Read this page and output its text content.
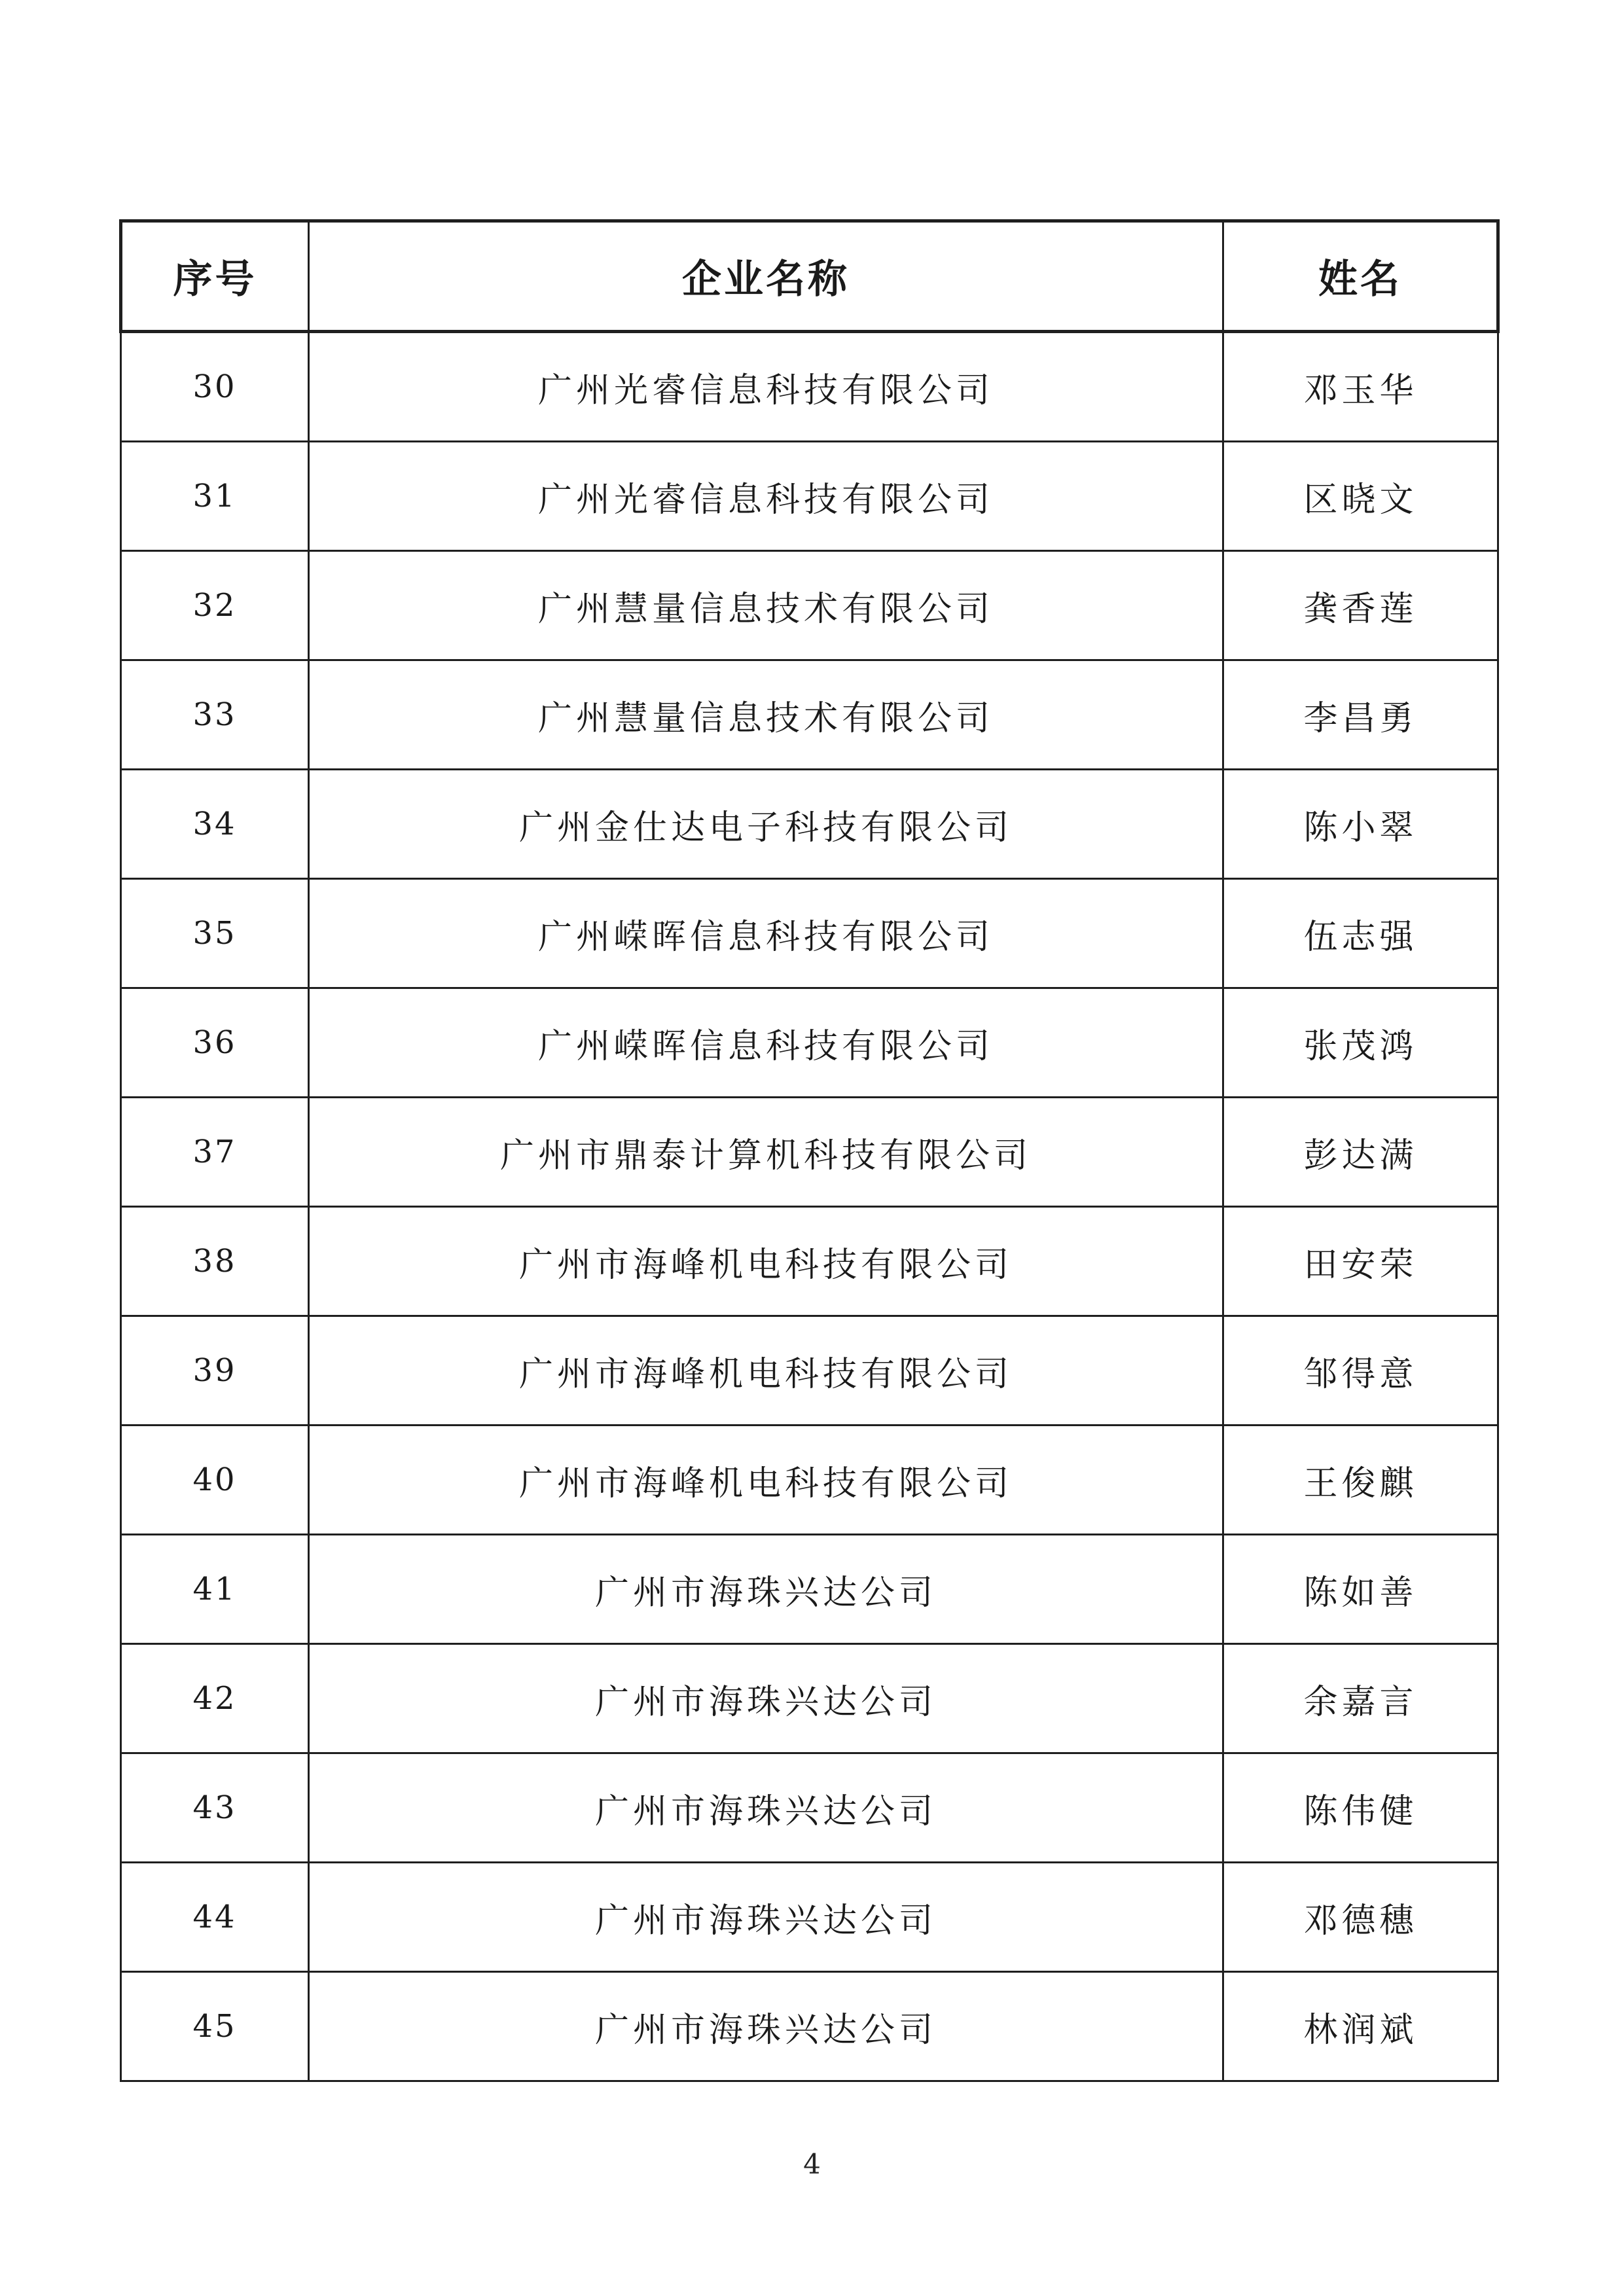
序号	企业名称	姓名
30	广州光睿信息科技有限公司	邓玉华
31	广州光睿信息科技有限公司	区晓文
32	广州慧量信息技术有限公司	龚香莲
33	广州慧量信息技术有限公司	李昌勇
34	广州金仕达电子科技有限公司	陈小翠
35	广州嵘晖信息科技有限公司	伍志强
36	广州嵘晖信息科技有限公司	张茂鸿
37	广州市鼎泰计算机科技有限公司	彭达满
38	广州市海峰机电科技有限公司	田安荣
39	广州市海峰机电科技有限公司	邹得意
40	广州市海峰机电科技有限公司	王俊麒
41	广州市海珠兴达公司	陈如善
42	广州市海珠兴达公司	余嘉言
43	广州市海珠兴达公司	陈伟健
44	广州市海珠兴达公司	邓德穗
45	广州市海珠兴达公司	林润斌
4
